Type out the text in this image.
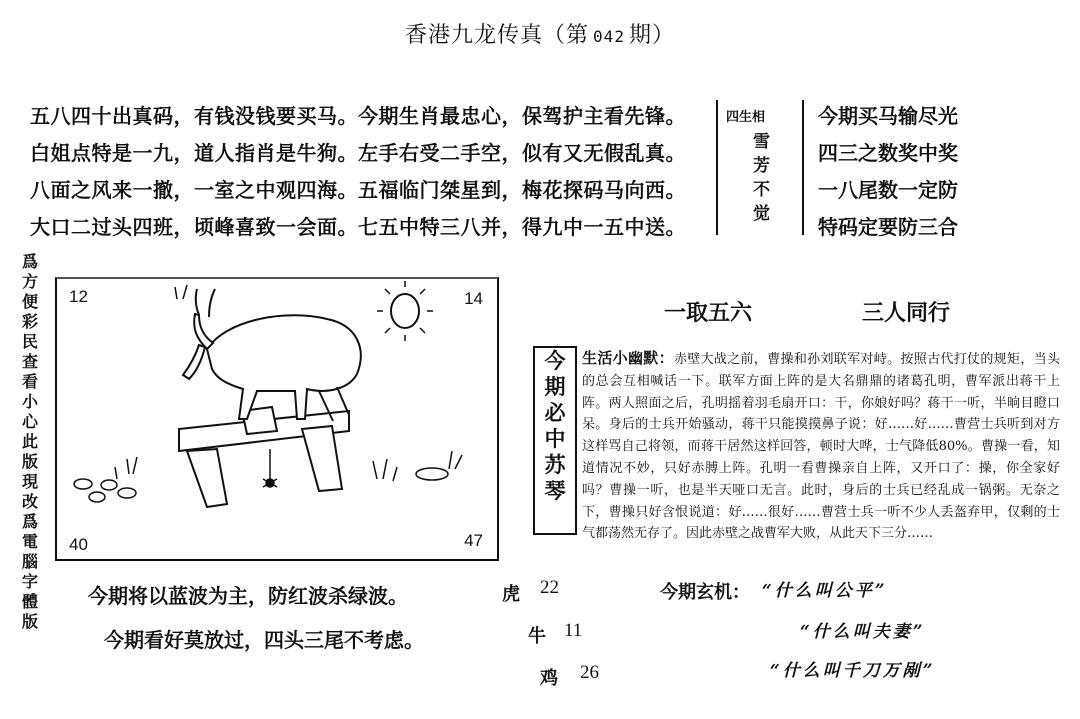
香港九龙传真（第 042 期）
五八四十出真码，有钱没钱要买马。今期生肖最忠心，保驾护主看先锋。
白姐点特是一九，道人指肖是牛狗。左手右受二手空，似有又无假乱真。
八面之风来一撤，一室之中观四海。五福临门桀星到，梅花探码马向西。
大口二过头四班，顷峰喜致一会面。七五中特三八并，得九中一五中送。
四生相
雪芳不觉
今期买马输尽光
四三之数奖中奖
一八尾数一定防
特码定要防三合
爲方便彩民查看小心此版現改爲電腦字體版
12	14
40	47
一取五六	三人同行
今期必中苏琴
生活小幽默：赤壁大战之前，曹操和孙刘联军对峙。按照古代打仗的规矩，当头的总会互相喊话一下。联军方面上阵的是大名鼎鼎的诸葛孔明，曹军派出蒋干上阵。两人照面之后，孔明摇着羽毛扇开口：干，你娘好吗？蒋干一听，半晌目瞪口呆。身后的士兵开始骚动，蒋干只能摸摸鼻子说：好……好……曹营士兵听到对方这样骂自己将领，而蒋干居然这样回答，顿时大哗，士气降低80%。曹操一看，知道情况不妙，只好赤膊上阵。孔明一看曹操亲自上阵，又开口了：操，你全家好吗？曹操一听，也是半天哑口无言。此时，身后的士兵已经乱成一锅粥。无奈之下，曹操只好含恨说道：好……很好……曹营士兵一听不少人丢盔弃甲，仅剩的士气都荡然无存了。因此赤壁之战曹军大败，从此天下三分……
今期将以蓝波为主，防红波杀绿波。
今期看好莫放过，四头三尾不考虑。
虎 22
牛 11
鸡 26
今期玄机： “什么叫公平”
“什么叫夫妻”
“什么叫千刀万剐”
